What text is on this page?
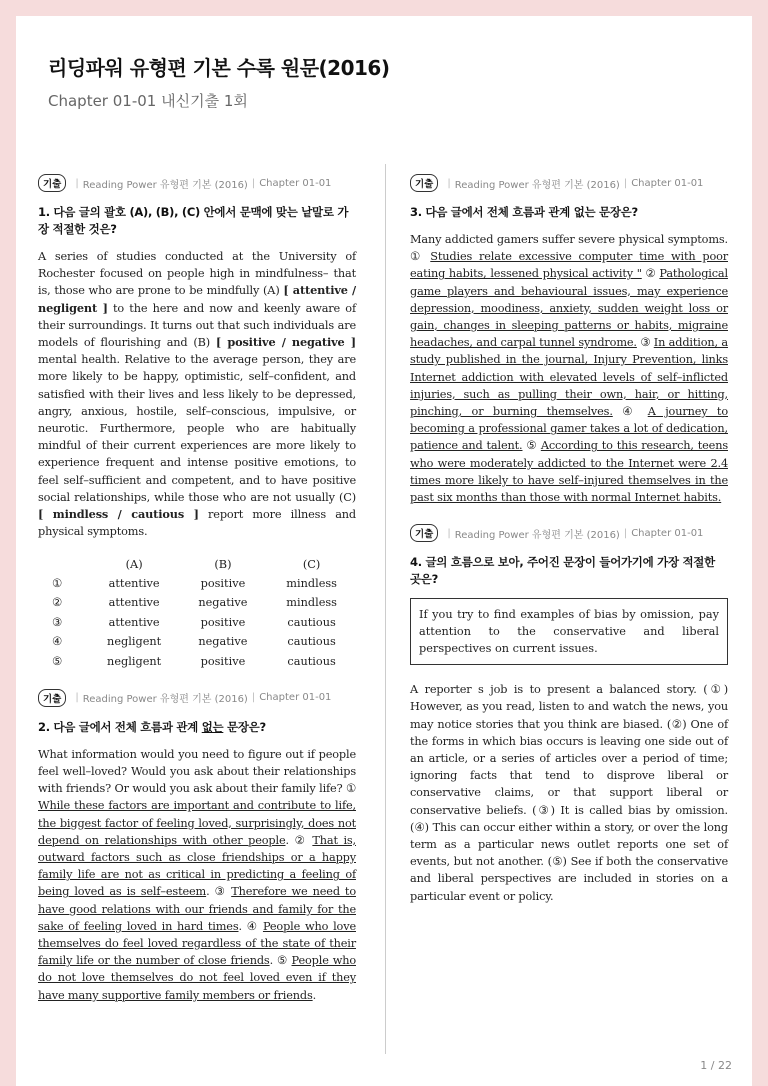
리딩파워 유형편 기본 수록 원문(2016)
Chapter 01-01 내신기출 1회
기출	| Reading Power 유형편 기본 (2016) | Chapter 01-01
1. 다음 글의 괄호 (A), (B), (C) 안에서 문맥에 맞는 낱말로 가장 적절한 것은?
A series of studies conducted at the University of Rochester focused on people high in mindfulness– that is, those who are prone to be mindfully (A) [ attentive / negligent ] to the here and now and keenly aware of their surroundings. It turns out that such individuals are models of flourishing and (B) [ positive / negative ] mental health. Relative to the average person, they are more likely to be happy, optimistic, self–confident, and satisfied with their lives and less likely to be depressed, angry, anxious, hostile, self–conscious, impulsive, or neurotic. Furthermore, people who are habitually mindful of their current experiences are more likely to experience frequent and intense positive emotions, to feel self–sufficient and competent, and to have positive social relationships, while those who are not usually (C) [ mindless / cautious ] report more illness and physical symptoms.
	(A)	(B)	(C)
①	attentive	positive	mindless
②	attentive	negative	mindless
③	attentive	positive	cautious
④	negligent	negative	cautious
⑤	negligent	positive	cautious
기출	| Reading Power 유형편 기본 (2016) | Chapter 01-01
2. 다음 글에서 전체 흐름과 관계 없는 문장은?
What information would you need to figure out if people feel well–loved? Would you ask about their relationships with friends? Or would you ask about their family life? ① While these factors are important and contribute to life, the biggest factor of feeling loved, surprisingly, does not depend on relationships with other people. ② That is, outward factors such as close friendships or a happy family life are not as critical in predicting a feeling of being loved as is self–esteem. ③ Therefore we need to have good relations with our friends and family for the sake of feeling loved in hard times. ④ People who love themselves do feel loved regardless of the state of their family life or the number of close friends. ⑤ People who do not love themselves do not feel loved even if they have many supportive family members or friends.
기출	| Reading Power 유형편 기본 (2016) | Chapter 01-01
3. 다음 글에서 전체 흐름과 관계 없는 문장은?
Many addicted gamers suffer severe physical symptoms. ① Studies relate excessive computer time with poor eating habits, lessened physical activity " ② Pathological game players and behavioural issues, may experience depression, moodiness, anxiety, sudden weight loss or gain, changes in sleeping patterns or habits, migraine headaches, and carpal tunnel syndrome. ③ In addition, a study published in the journal, Injury Prevention, links Internet addiction with elevated levels of self–inflicted injuries, such as pulling their own, hair, or hitting, pinching, or burning themselves. ④ A journey to becoming a professional gamer takes a lot of dedication, patience and talent. ⑤ According to this research, teens who were moderately addicted to the Internet were 2.4 times more likely to have self–injured themselves in the past six months than those with normal Internet habits.
기출	| Reading Power 유형편 기본 (2016) | Chapter 01-01
4. 글의 흐름으로 보아, 주어진 문장이 들어가기에 가장 적절한 곳은?
If you try to find examples of bias by omission, pay attention to the conservative and liberal perspectives on current issues.
A reporter s job is to present a balanced story. (①) However, as you read, listen to and watch the news, you may notice stories that you think are biased. (②) One of the forms in which bias occurs is leaving one side out of an article, or a series of articles over a period of time; ignoring facts that tend to disprove liberal or conservative claims, or that support liberal or conservative beliefs. (③) It is called bias by omission. (④) This can occur either within a story, or over the long term as a particular news outlet reports one set of events, but not another. (⑤) See if both the conservative and liberal perspectives are included in stories on a particular event or policy.
1 / 22
